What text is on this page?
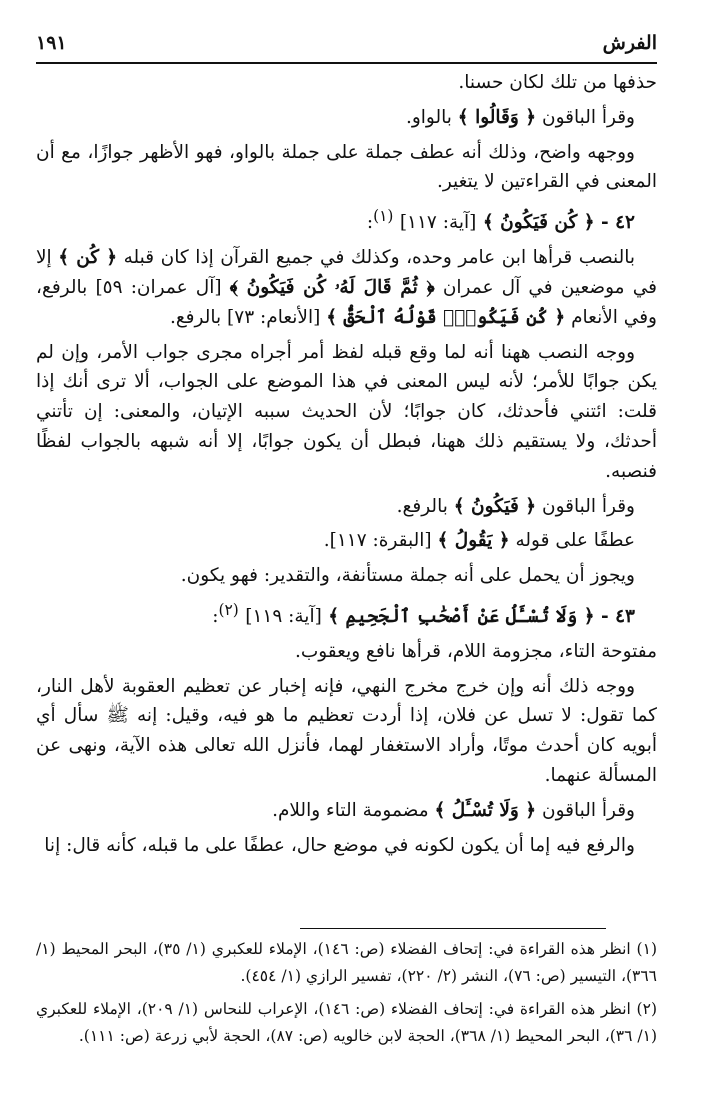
الفرش
١٩١

حذفها من تلك لكان حسنا.

وقرأ الباقون ﴿ وَقَالُوا ﴾ بالواو.

ووجهه واضح، وذلك أنه عطف جملة على جملة بالواو، فهو الأظهر جوازًا، مع أن المعنى في القراءتين لا يتغير.

٤٢ - ﴿ كُن فَيَكُونُ ﴾ [آية: ١١٧] $^{(١)}$:

بالنصب قرأها ابن عامر وحده، وكذلك في جميع القرآن إذا كان قبله ﴿ كُن ﴾ إلا في موضعين في آل عمران ﴿ ثُمَّ قَالَ لَهُۥ كُن فَيَكُونُ ﴾ [آل عمران: ٥٩] بالرفع، وفي الأنعام ﴿ كُن فَيَكُونُۚ قَوْلُهُ ٱلْحَقُّ ﴾ [الأنعام: ٧٣] بالرفع.

ووجه النصب ههنا أنه لما وقع قبله لفظ أمر أجراه مجرى جواب الأمر، وإن لم يكن جوابًا للأمر؛ لأنه ليس المعنى في هذا الموضع على الجواب، ألا ترى أنك إذا قلت: ائتني فأحدثك، كان جوابًا؛ لأن الحديث سببه الإتيان، والمعنى: إن تأتني أحدثك، ولا يستقيم ذلك ههنا، فبطل أن يكون جوابًا، إلا أنه شبهه بالجواب لفظًا فنصبه.

وقرأ الباقون ﴿ فَيَكُونُ ﴾ بالرفع.

عطفًا على قوله ﴿ يَقُولُ ﴾ [البقرة: ١١٧].

ويجوز أن يحمل على أنه جملة مستأنفة، والتقدير: فهو يكون.

٤٣ - ﴿ وَلَا تُسْـَٔلُ عَنْ أَصْحَٰبِ ٱلْجَحِيمِ ﴾ [آية: ١١٩] $^{(٢)}$:

مفتوحة التاء، مجزومة اللام، قرأها نافع ويعقوب.

ووجه ذلك أنه وإن خرج مخرج النهي، فإنه إخبار عن تعظيم العقوبة لأهل النار، كما تقول: لا تسل عن فلان، إذا أردت تعظيم ما هو فيه، وقيل: إنه ﷺ سأل أي أبويه كان أحدث موتًا، وأراد الاستغفار لهما، فأنزل الله تعالى هذه الآية، ونهى عن المسألة عنهما.

وقرأ الباقون ﴿ وَلَا تُسْـَٔلُ ﴾ مضمومة التاء واللام.

والرفع فيه إما أن يكون لكونه في موضع حال، عطفًا على ما قبله، كأنه قال: إنا

(١) انظر هذه القراءة في: إتحاف الفضلاء (ص: ١٤٦)، الإملاء للعكبري (١/ ٣٥)، البحر المحيط (١/ ٣٦٦)، التيسير (ص: ٧٦)، النشر (٢/ ٢٢٠)، تفسير الرازي (١/ ٤٥٤).

(٢) انظر هذه القراءة في: إتحاف الفضلاء (ص: ١٤٦)، الإعراب للنحاس (١/ ٢٠٩)، الإملاء للعكبري (١/ ٣٦)، البحر المحيط (١/ ٣٦٨)، الحجة لابن خالويه (ص: ٨٧)، الحجة لأبي زرعة (ص: ١١١).
